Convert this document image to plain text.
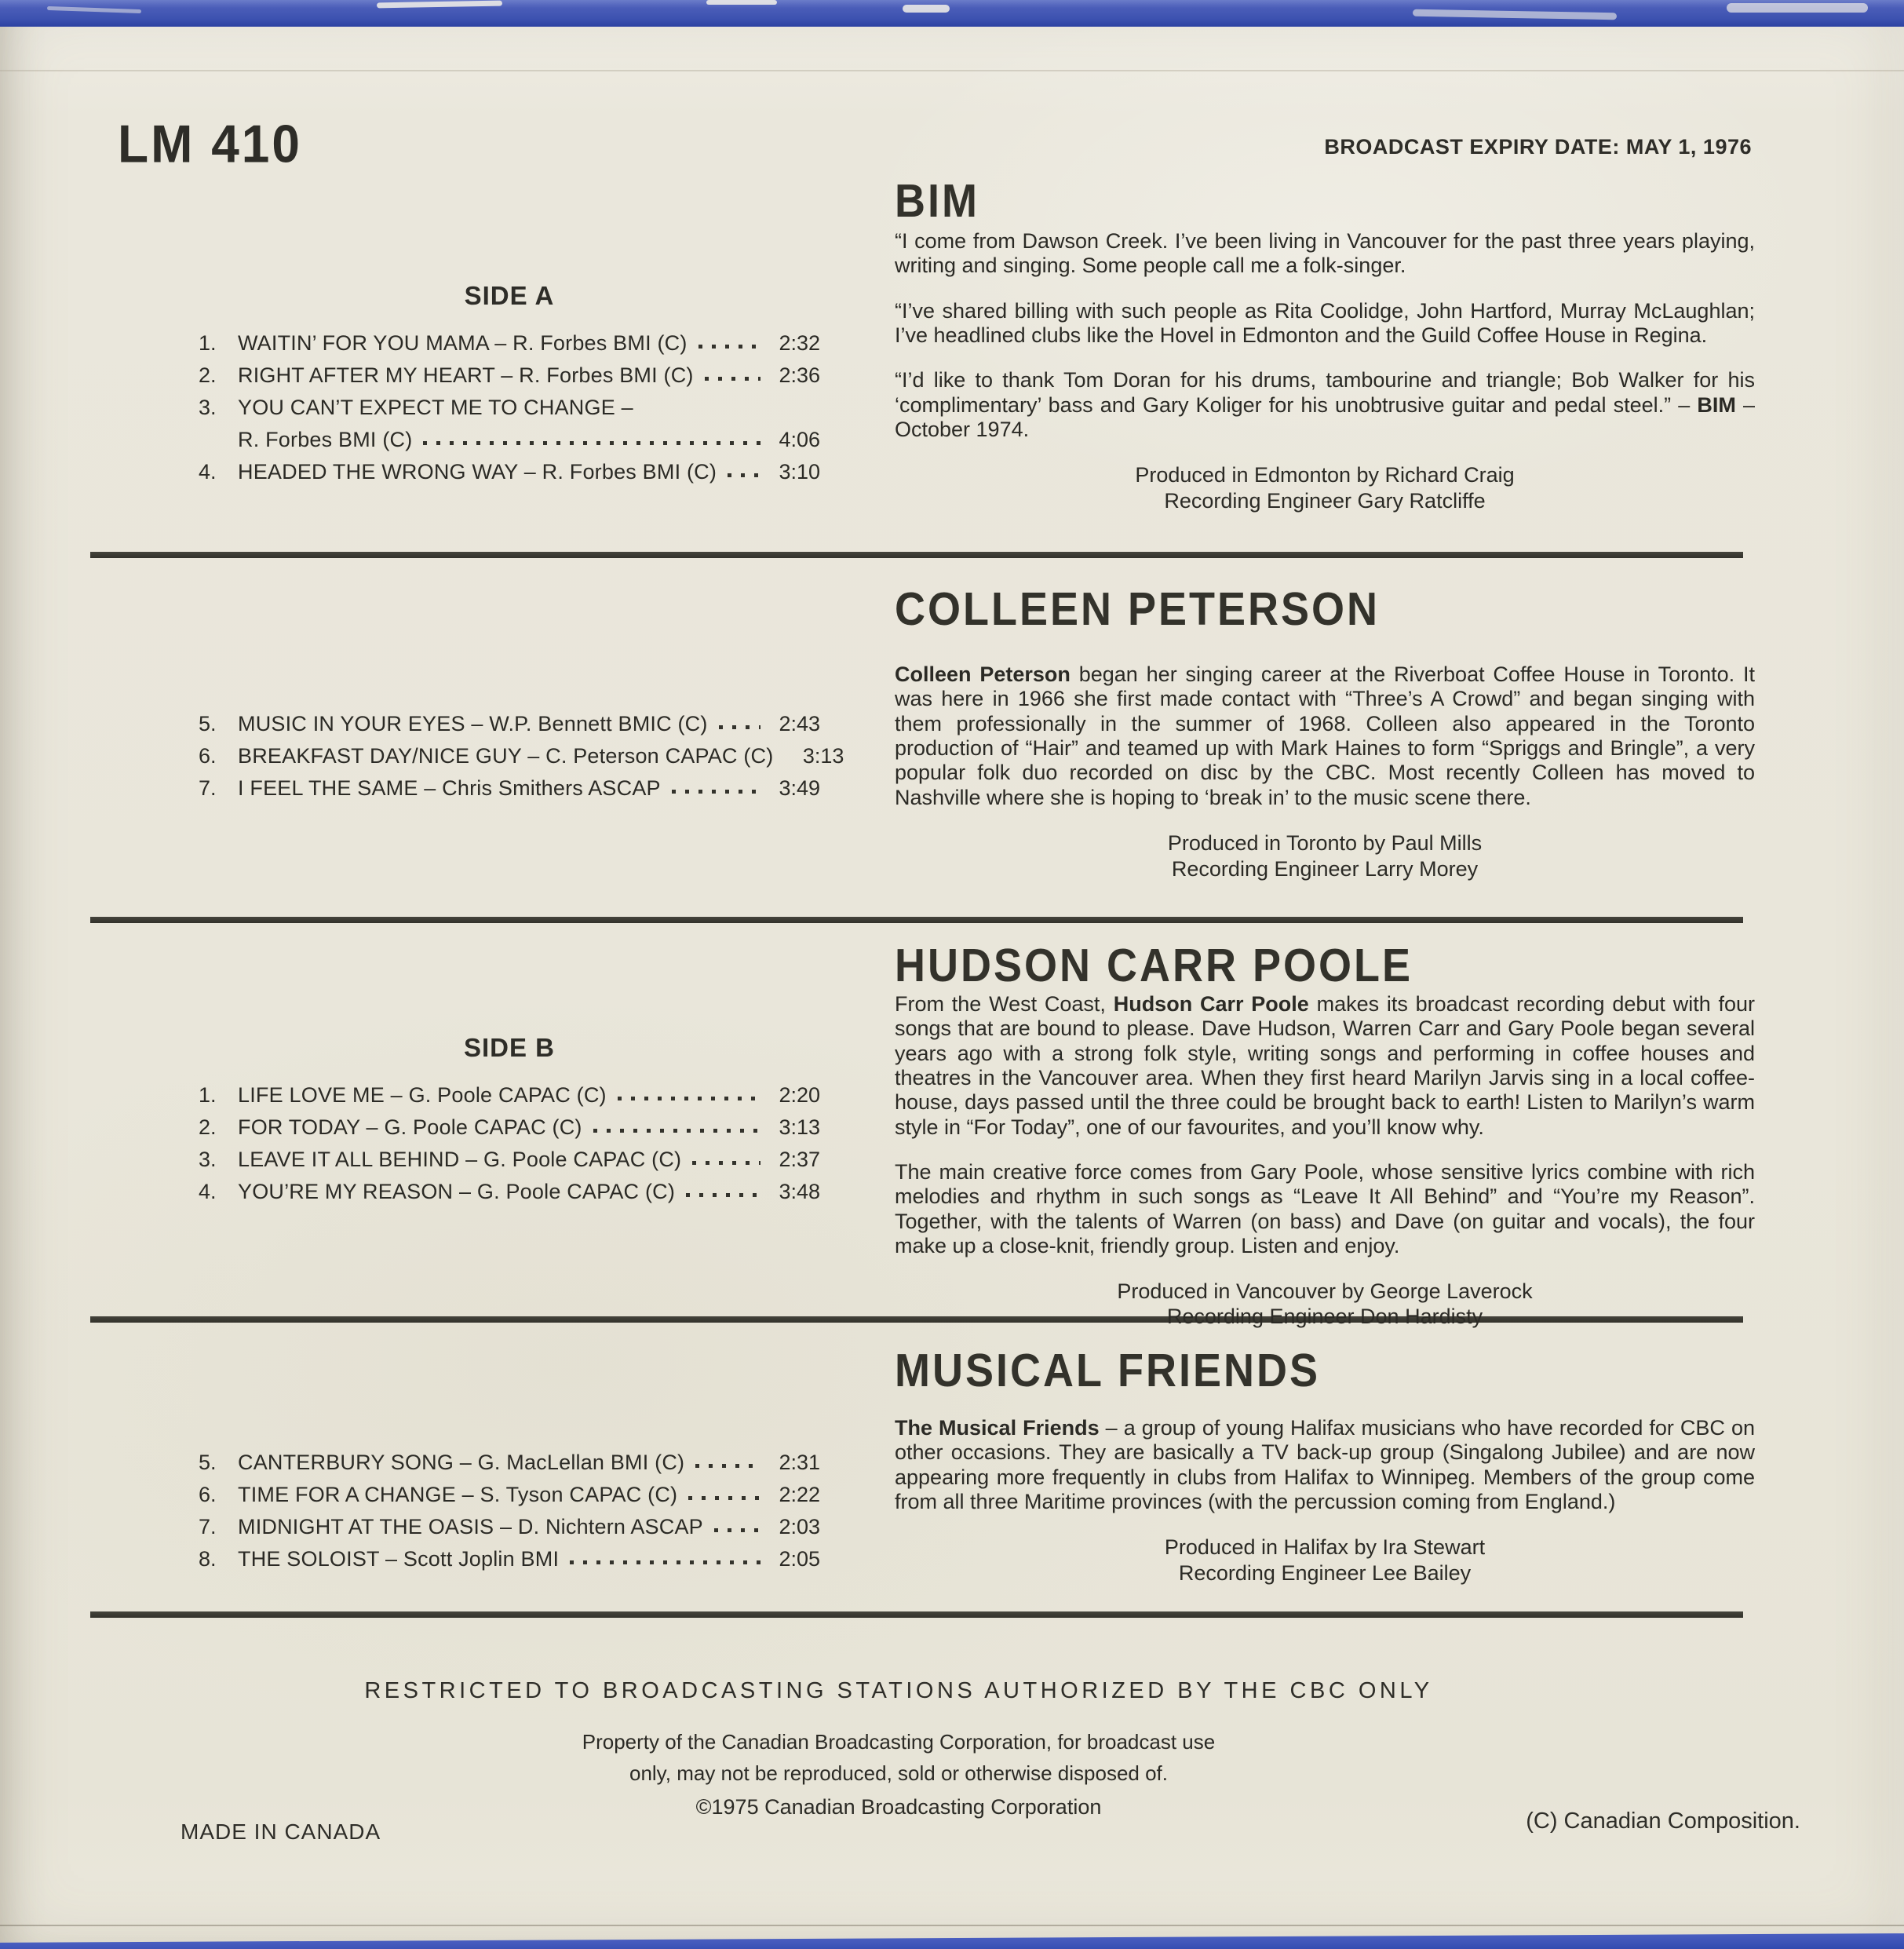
LM 410	BROADCAST EXPIRY DATE: MAY 1, 1976
SIDE A
1.	WAITIN’ FOR YOU MAMA – R. Forbes BMI (C)	2:32
2.	RIGHT AFTER MY HEART – R. Forbes BMI (C)	2:36
3.	YOU CAN’T EXPECT ME TO CHANGE –
R. Forbes BMI (C)	4:06
4.	HEADED THE WRONG WAY – R. Forbes BMI (C)	3:10
5.	MUSIC IN YOUR EYES – W.P. Bennett BMIC (C)	2:43
6.	BREAKFAST DAY/NICE GUY – C. Peterson CAPAC (C)	3:13
7.	I FEEL THE SAME – Chris Smithers ASCAP	3:49
SIDE B
1.	LIFE LOVE ME – G. Poole CAPAC (C)	2:20
2.	FOR TODAY – G. Poole CAPAC (C)	3:13
3.	LEAVE IT ALL BEHIND – G. Poole CAPAC (C)	2:37
4.	YOU’RE MY REASON – G. Poole CAPAC (C)	3:48
5.	CANTERBURY SONG – G. MacLellan BMI (C)	2:31
6.	TIME FOR A CHANGE – S. Tyson CAPAC (C)	2:22
7.	MIDNIGHT AT THE OASIS – D. Nichtern ASCAP	2:03
8.	THE SOLOIST – Scott Joplin BMI	2:05
BIM

“I come from Dawson Creek. I’ve been living in Vancouver for the past three years playing, writing and singing. Some people call me a folk-singer.

“I’ve shared billing with such people as Rita Coolidge, John Hartford, Murray McLaughlan; I’ve headlined clubs like the Hovel in Edmonton and the Guild Coffee House in Regina.

“I’d like to thank Tom Doran for his drums, tambourine and triangle; Bob Walker for his ‘complimentary’ bass and Gary Koliger for his unobtrusive guitar and pedal steel.” – BIM – October 1974.

Produced in Edmonton by Richard Craig
Recording Engineer Gary Ratcliffe
COLLEEN PETERSON

Colleen Peterson began her singing career at the Riverboat Coffee House in Toronto. It was here in 1966 she first made contact with “Three’s A Crowd” and began singing with them professionally in the summer of 1968. Colleen also appeared in the Toronto production of “Hair” and teamed up with Mark Haines to form “Spriggs and Bringle”, a very popular folk duo recorded on disc by the CBC. Most recently Colleen has moved to Nashville where she is hoping to ‘break in’ to the music scene there.

Produced in Toronto by Paul Mills
Recording Engineer Larry Morey
HUDSON CARR POOLE

From the West Coast, Hudson Carr Poole makes its broadcast recording debut with four songs that are bound to please. Dave Hudson, Warren Carr and Gary Poole began several years ago with a strong folk style, writing songs and performing in coffee houses and theatres in the Vancouver area. When they first heard Marilyn Jarvis sing in a local coffee-house, days passed until the three could be brought back to earth! Listen to Marilyn’s warm style in “For Today”, one of our favourites, and you’ll know why.

The main creative force comes from Gary Poole, whose sensitive lyrics combine with rich melodies and rhythm in such songs as “Leave It All Behind” and “You’re my Reason”. Together, with the talents of Warren (on bass) and Dave (on guitar and vocals), the four make up a close-knit, friendly group. Listen and enjoy.

Produced in Vancouver by George Laverock
Recording Engineer Don Hardisty
MUSICAL FRIENDS

The Musical Friends – a group of young Halifax musicians who have recorded for CBC on other occasions. They are basically a TV back-up group (Singalong Jubilee) and are now appearing more frequently in clubs from Halifax to Winnipeg. Members of the group come from all three Maritime provinces (with the percussion coming from England.)

Produced in Halifax by Ira Stewart
Recording Engineer Lee Bailey
RESTRICTED TO BROADCASTING STATIONS AUTHORIZED BY THE CBC ONLY
Property of the Canadian Broadcasting Corporation, for broadcast use
only, may not be reproduced, sold or otherwise disposed of.
©1975 Canadian Broadcasting Corporation
MADE IN CANADA	(C) Canadian Composition.
